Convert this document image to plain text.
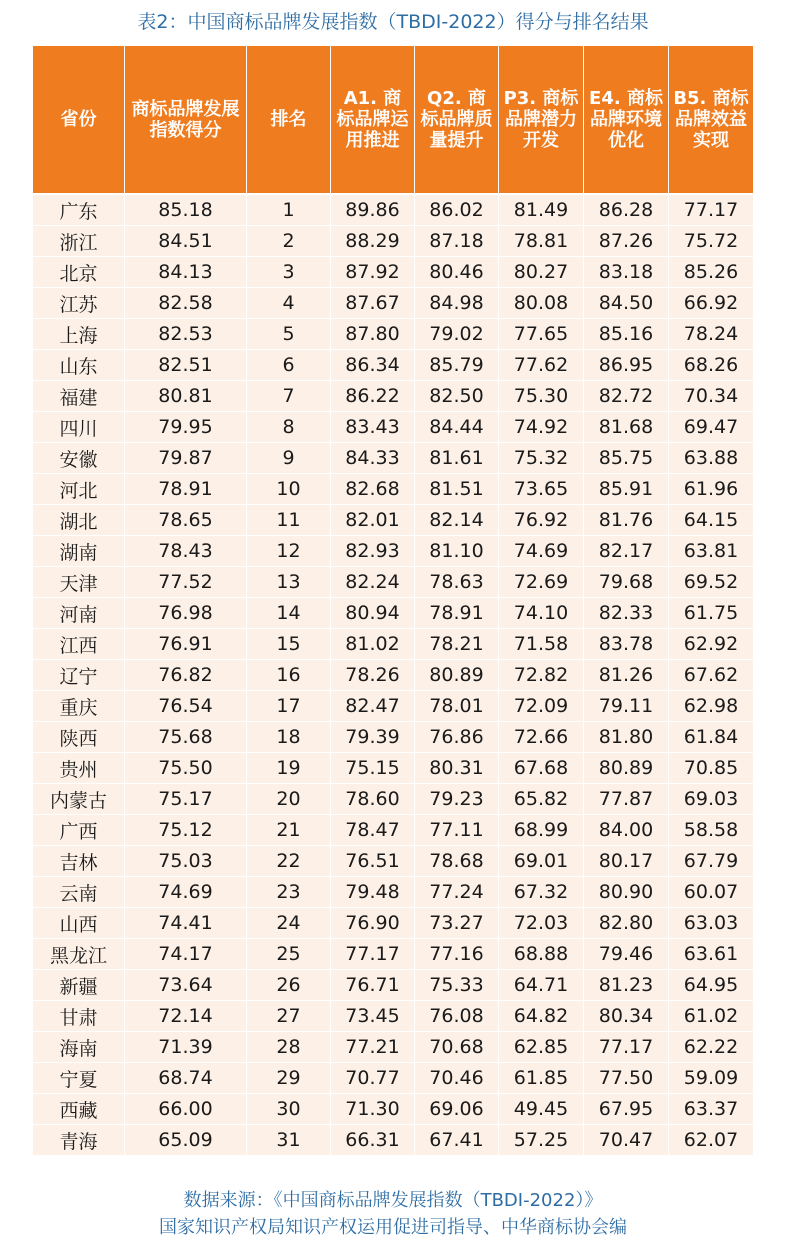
表2：中国商标品牌发展指数（TBDI-2022）得分与排名结果
省份	商标品牌发展指数得分	排名	A1. 商标品牌运用推进	Q2. 商标品牌质量提升	P3. 商标品牌潜力开发	E4. 商标品牌环境优化	B5. 商标品牌效益实现
广东	85.18	1	89.86	86.02	81.49	86.28	77.17
浙江	84.51	2	88.29	87.18	78.81	87.26	75.72
北京	84.13	3	87.92	80.46	80.27	83.18	85.26
江苏	82.58	4	87.67	84.98	80.08	84.50	66.92
上海	82.53	5	87.80	79.02	77.65	85.16	78.24
山东	82.51	6	86.34	85.79	77.62	86.95	68.26
福建	80.81	7	86.22	82.50	75.30	82.72	70.34
四川	79.95	8	83.43	84.44	74.92	81.68	69.47
安徽	79.87	9	84.33	81.61	75.32	85.75	63.88
河北	78.91	10	82.68	81.51	73.65	85.91	61.96
湖北	78.65	11	82.01	82.14	76.92	81.76	64.15
湖南	78.43	12	82.93	81.10	74.69	82.17	63.81
天津	77.52	13	82.24	78.63	72.69	79.68	69.52
河南	76.98	14	80.94	78.91	74.10	82.33	61.75
江西	76.91	15	81.02	78.21	71.58	83.78	62.92
辽宁	76.82	16	78.26	80.89	72.82	81.26	67.62
重庆	76.54	17	82.47	78.01	72.09	79.11	62.98
陕西	75.68	18	79.39	76.86	72.66	81.80	61.84
贵州	75.50	19	75.15	80.31	67.68	80.89	70.85
内蒙古	75.17	20	78.60	79.23	65.82	77.87	69.03
广西	75.12	21	78.47	77.11	68.99	84.00	58.58
吉林	75.03	22	76.51	78.68	69.01	80.17	67.79
云南	74.69	23	79.48	77.24	67.32	80.90	60.07
山西	74.41	24	76.90	73.27	72.03	82.80	63.03
黑龙江	74.17	25	77.17	77.16	68.88	79.46	63.61
新疆	73.64	26	76.71	75.33	64.71	81.23	64.95
甘肃	72.14	27	73.45	76.08	64.82	80.34	61.02
海南	71.39	28	77.21	70.68	62.85	77.17	62.22
宁夏	68.74	29	70.77	70.46	61.85	77.50	59.09
西藏	66.00	30	71.30	69.06	49.45	67.95	63.37
青海	65.09	31	66.31	67.41	57.25	70.47	62.07
数据来源：《中国商标品牌发展指数（TBDI-2022）》
国家知识产权局知识产权运用促进司指导、中华商标协会编
